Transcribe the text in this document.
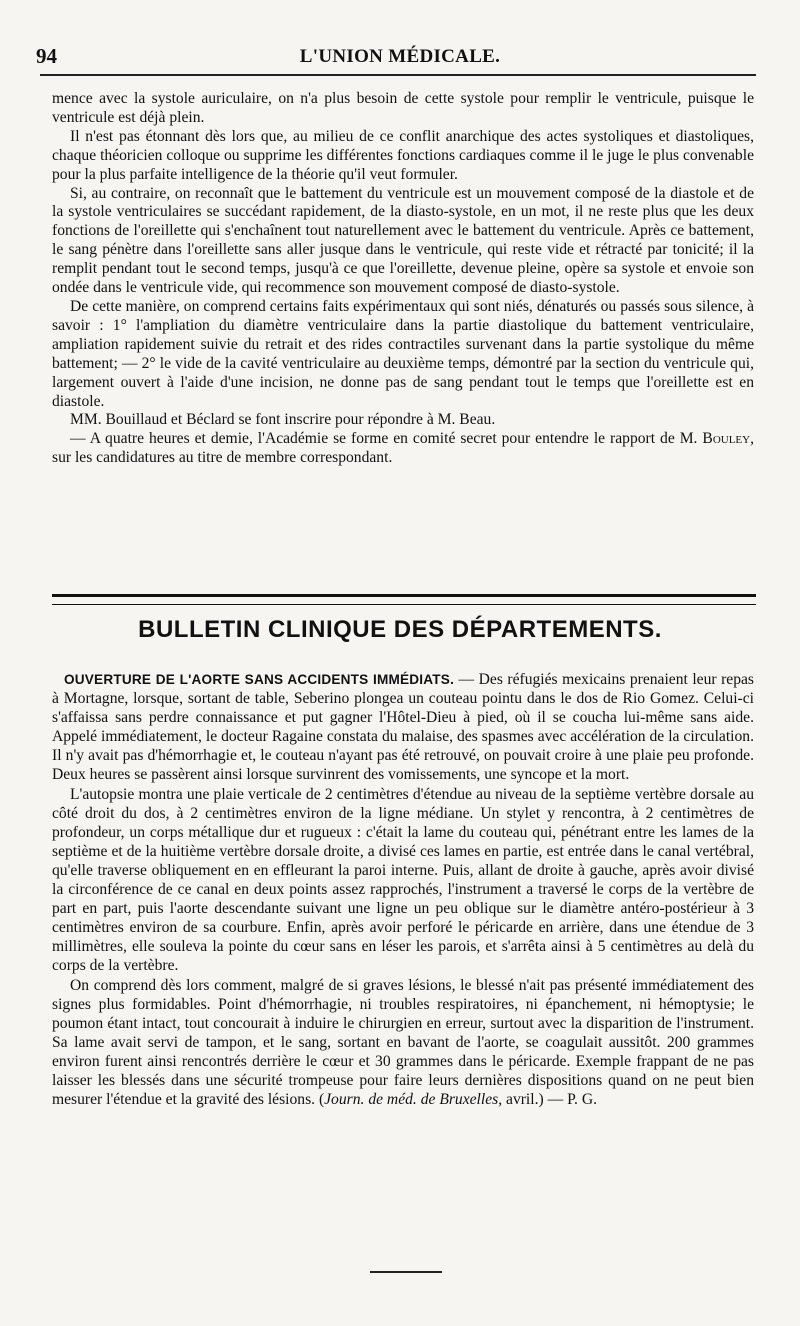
94	L'UNION MÉDICALE.

mence avec la systole auriculaire, on n'a plus besoin de cette systole pour remplir le ventricule, puisque le ventricule est déjà plein.

Il n'est pas étonnant dès lors que, au milieu de ce conflit anarchique des actes systoliques et diastoliques, chaque théoricien colloque ou supprime les différentes fonctions cardiaques comme il le juge le plus convenable pour la plus parfaite intelligence de la théorie qu'il veut formuler.

Si, au contraire, on reconnaît que le battement du ventricule est un mouvement composé de la diastole et de la systole ventriculaires se succédant rapidement, de la diasto-systole, en un mot, il ne reste plus que les deux fonctions de l'oreillette qui s'enchaînent tout naturellement avec le battement du ventricule. Après ce battement, le sang pénètre dans l'oreillette sans aller jusque dans le ventricule, qui reste vide et rétracté par tonicité; il la remplit pendant tout le second temps, jusqu'à ce que l'oreillette, devenue pleine, opère sa systole et envoie son ondée dans le ventricule vide, qui recommence son mouvement composé de diasto-systole.

De cette manière, on comprend certains faits expérimentaux qui sont niés, dénaturés ou passés sous silence, à savoir : 1° l'ampliation du diamètre ventriculaire dans la partie diastolique du battement ventriculaire, ampliation rapidement suivie du retrait et des rides contractiles survenant dans la partie systolique du même battement; — 2° le vide de la cavité ventriculaire au deuxième temps, démontré par la section du ventricule qui, largement ouvert à l'aide d'une incision, ne donne pas de sang pendant tout le temps que l'oreillette est en diastole.

MM. Bouillaud et Béclard se font inscrire pour répondre à M. Beau.

— A quatre heures et demie, l'Académie se forme en comité secret pour entendre le rapport de M. Bouley, sur les candidatures au titre de membre correspondant.

BULLETIN CLINIQUE DES DÉPARTEMENTS.

OUVERTURE DE L'AORTE SANS ACCIDENTS IMMÉDIATS. — Des réfugiés mexicains prenaient leur repas à Mortagne, lorsque, sortant de table, Seberino plongea un couteau pointu dans le dos de Rio Gomez. Celui-ci s'affaissa sans perdre connaissance et put gagner l'Hôtel-Dieu à pied, où il se coucha lui-même sans aide. Appelé immédiatement, le docteur Ragaine constata du malaise, des spasmes avec accélération de la circulation. Il n'y avait pas d'hémorrhagie et, le couteau n'ayant pas été retrouvé, on pouvait croire à une plaie peu profonde. Deux heures se passèrent ainsi lorsque survinrent des vomissements, une syncope et la mort.

L'autopsie montra une plaie verticale de 2 centimètres d'étendue au niveau de la septième vertèbre dorsale au côté droit du dos, à 2 centimètres environ de la ligne médiane. Un stylet y rencontra, à 2 centimètres de profondeur, un corps métallique dur et rugueux : c'était la lame du couteau qui, pénétrant entre les lames de la septième et de la huitième vertèbre dorsale droite, a divisé ces lames en partie, est entrée dans le canal vertébral, qu'elle traverse obliquement en en effleurant la paroi interne. Puis, allant de droite à gauche, après avoir divisé la circonférence de ce canal en deux points assez rapprochés, l'instrument a traversé le corps de la vertèbre de part en part, puis l'aorte descendante suivant une ligne un peu oblique sur le diamètre antéro-postérieur à 3 centimètres environ de sa courbure. Enfin, après avoir perforé le péricarde en arrière, dans une étendue de 3 millimètres, elle souleva la pointe du cœur sans en léser les parois, et s'arrêta ainsi à 5 centimètres au delà du corps de la vertèbre.

On comprend dès lors comment, malgré de si graves lésions, le blessé n'ait pas présenté immédiatement des signes plus formidables. Point d'hémorrhagie, ni troubles respiratoires, ni épanchement, ni hémoptysie; le poumon étant intact, tout concourait à induire le chirurgien en erreur, surtout avec la disparition de l'instrument. Sa lame avait servi de tampon, et le sang, sortant en bavant de l'aorte, se coagulait aussitôt. 200 grammes environ furent ainsi rencontrés derrière le cœur et 30 grammes dans le péricarde. Exemple frappant de ne pas laisser les blessés dans une sécurité trompeuse pour faire leurs dernières dispositions quand on ne peut bien mesurer l'étendue et la gravité des lésions. (Journ. de méd. de Bruxelles, avril.) — P. G.
